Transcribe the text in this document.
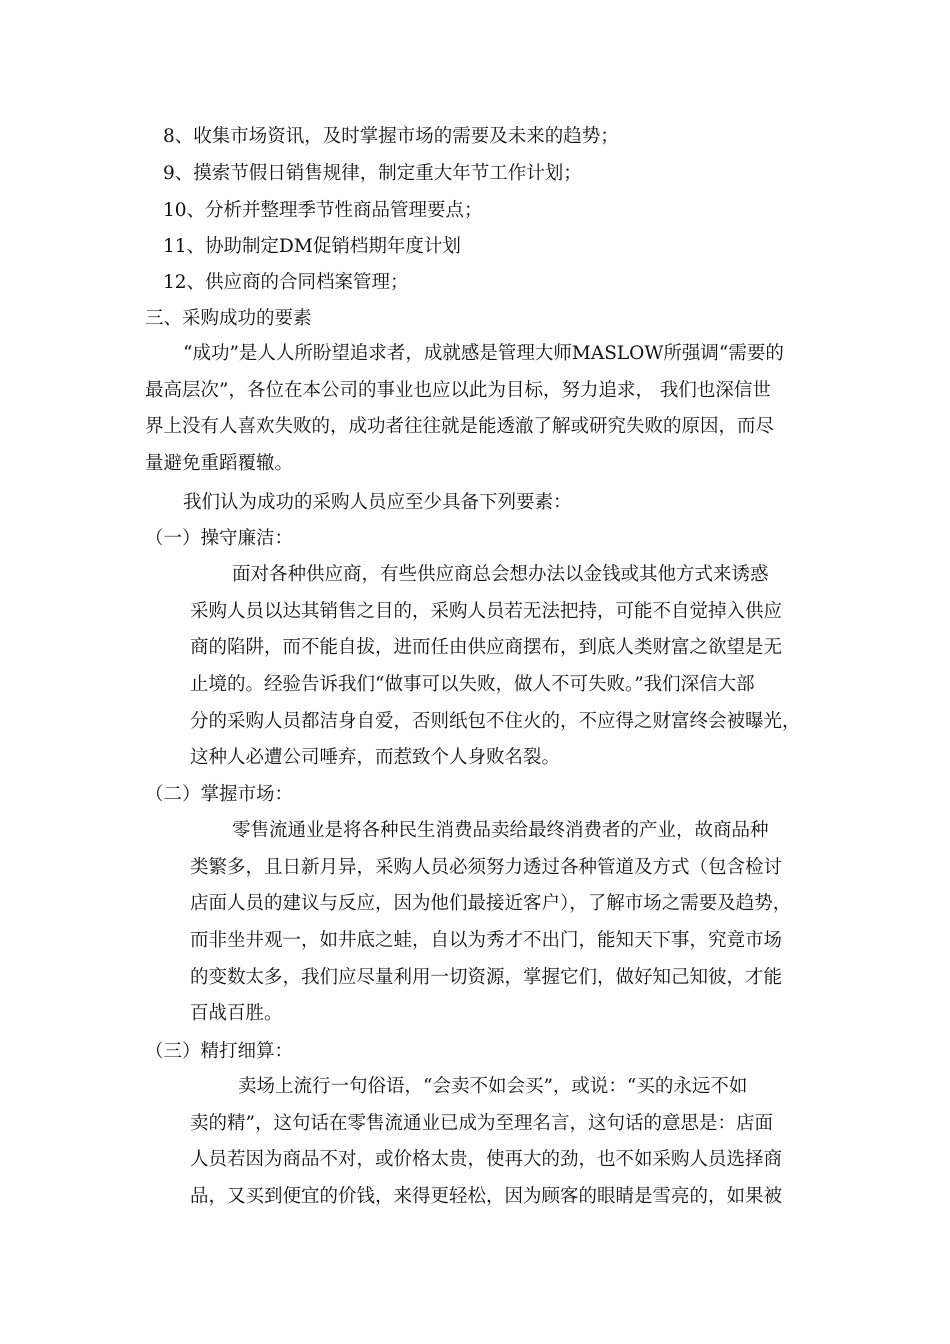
8、收集市场资讯，及时掌握市场的需要及未来的趋势；
9、摸索节假日销售规律，制定重大年节工作计划；
10、分析并整理季节性商品管理要点；
11、协助制定DM促销档期年度计划
12、供应商的合同档案管理；
三、采购成功的要素
“成功”是人人所盼望追求者，成就感是管理大师MASLOW所强调“需要的
最高层次”，各位在本公司的事业也应以此为目标，努力追求， 我们也深信世
界上没有人喜欢失败的，成功者往往就是能透澈了解或研究失败的原因，而尽
量避免重蹈覆辙。
我们认为成功的采购人员应至少具备下列要素：
（一）操守廉洁：
面对各种供应商，有些供应商总会想办法以金钱或其他方式来诱惑
采购人员以达其销售之目的，采购人员若无法把持，可能不自觉掉入供应
商的陷阱，而不能自拔，进而任由供应商摆布，到底人类财富之欲望是无
止境的。经验告诉我们“做事可以失败，做人不可失败。”我们深信大部
分的采购人员都洁身自爱，否则纸包不住火的，不应得之财富终会被曝光，
这种人必遭公司唾弃，而惹致个人身败名裂。
（二）掌握市场：
零售流通业是将各种民生消费品卖给最终消费者的产业，故商品种
类繁多，且日新月异，采购人员必须努力透过各种管道及方式（包含检讨
店面人员的建议与反应，因为他们最接近客户），了解市场之需要及趋势，
而非坐井观一，如井底之蛙，自以为秀才不出门，能知天下事，究竟市场
的变数太多，我们应尽量利用一切资源，掌握它们，做好知己知彼，才能
百战百胜。
（三）精打细算：
卖场上流行一句俗语，“会卖不如会买”，或说：“买的永远不如
卖的精”，这句话在零售流通业已成为至理名言，这句话的意思是：店面
人员若因为商品不对，或价格太贵，使再大的劲，也不如采购人员选择商
品，又买到便宜的价钱，来得更轻松，因为顾客的眼睛是雪亮的，如果被
